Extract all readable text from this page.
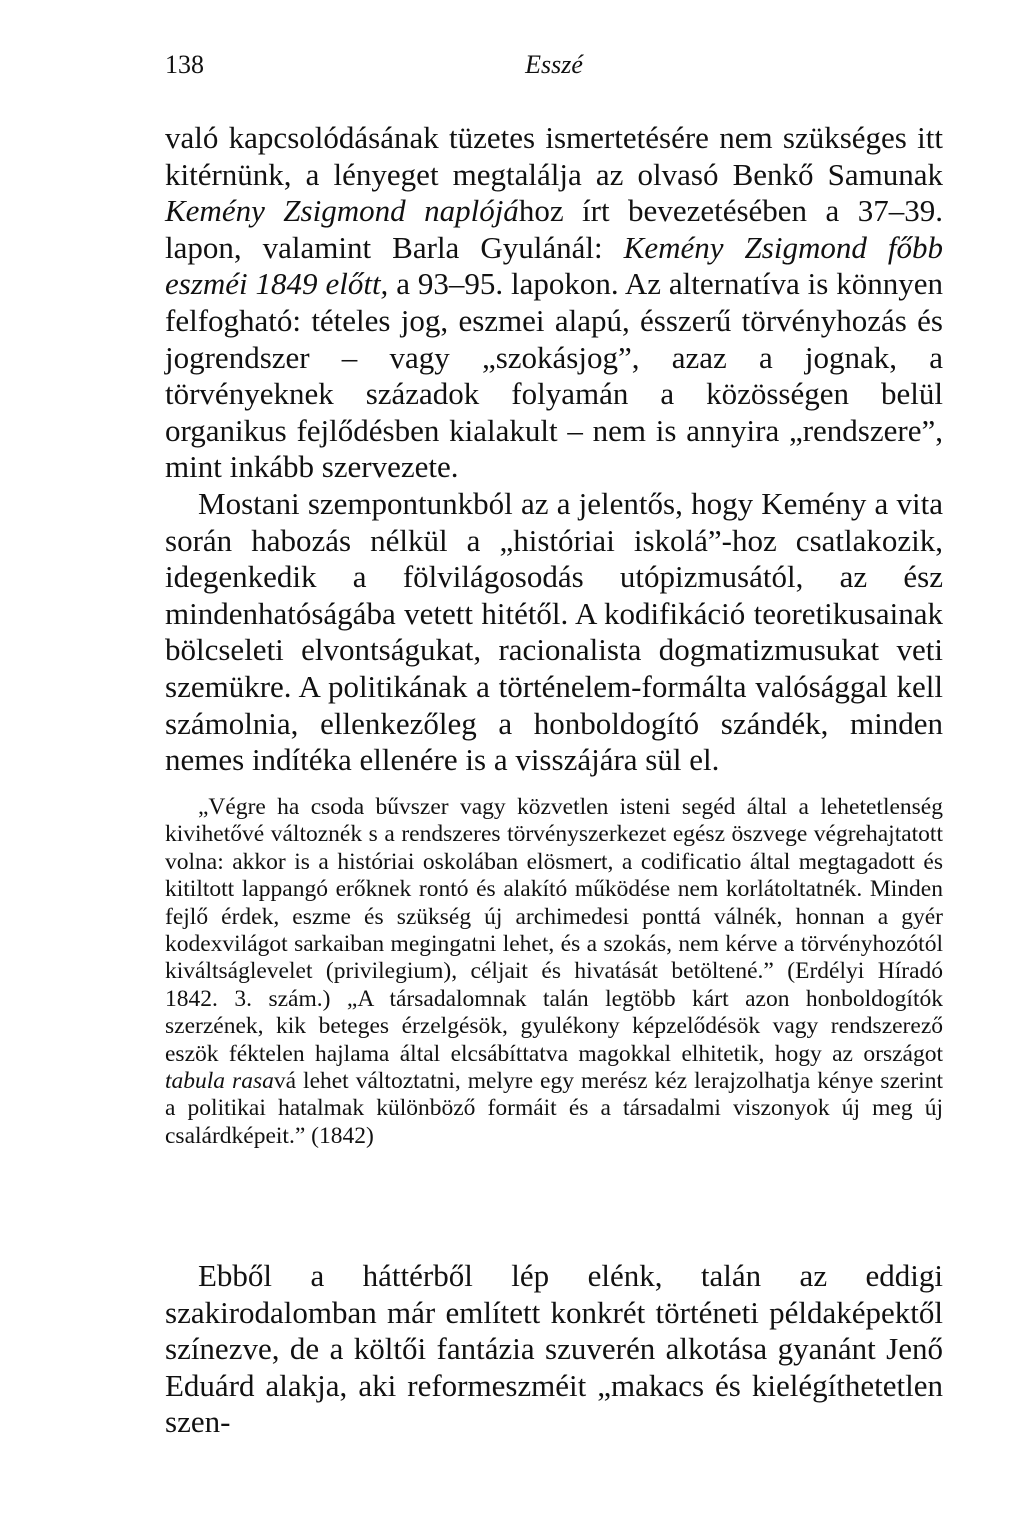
138	Esszé

való kapcsolódásának tüzetes ismertetésére nem szükséges itt kitérnünk, a lényeget megtalálja az olvasó Benkő Samunak Kemény Zsigmond naplójához írt bevezetésében a 37–39. lapon, valamint Barla Gyulánál: Kemény Zsigmond főbb eszméi 1849 előtt, a 93–95. lapokon. Az alternatíva is könnyen felfogható: tételes jog, eszmei alapú, ésszerű törvényhozás és jogrendszer – vagy „szokásjog”, azaz a jognak, a törvényeknek századok folyamán a közösségen belül organikus fejlődésben kialakult – nem is annyira „rendszere”, mint inkább szervezete.

Mostani szempontunkból az a jelentős, hogy Kemény a vita során habozás nélkül a „históriai iskolá”-hoz csatlakozik, idegenkedik a fölvilágosodás utópizmusától, az ész mindenhatóságába vetett hitétől. A kodifikáció teoretikusainak bölcseleti elvontságukat, racionalista dogmatizmusukat veti szemükre. A politikának a történelem-formálta valósággal kell számolnia, ellenkezőleg a honboldogító szándék, minden nemes indítéka ellenére is a visszájára sül el.

„Végre ha csoda bűvszer vagy közvetlen isteni segéd által a lehetetlenség kivihetővé változnék s a rendszeres törvényszerkezet egész öszvege végrehajtatott volna: akkor is a históriai oskolában elösmert, a codificatio által megtagadott és kitiltott lappangó erőknek rontó és alakító működése nem korlátoltatnék. Minden fejlő érdek, eszme és szükség új archimedesi ponttá válnék, honnan a gyér kodexvilágot sarkaiban megingatni lehet, és a szokás, nem kérve a törvényhozótól kiváltságlevelet (privilegium), céljait és hivatását betöltené.” (Erdélyi Híradó 1842. 3. szám.) „A társadalomnak talán legtöbb kárt azon honboldogítók szerzének, kik beteges érzelgésök, gyulékony képzelődésök vagy rendszerező eszök féktelen hajlama által elcsábíttatva magokkal elhitetik, hogy az országot tabula rasavá lehet változtatni, melyre egy merész kéz lerajzolhatja kénye szerint a politikai hatalmak különböző formáit és a társadalmi viszonyok új meg új csalárdképeit.” (1842)

Ebből a háttérből lép elénk, talán az eddigi szakirodalomban már említett konkrét történeti példaképektől színezve, de a költői fantázia szuverén alkotása gyanánt Jenő Eduárd alakja, aki reformeszméit „makacs és kielégíthetetlen szen-
